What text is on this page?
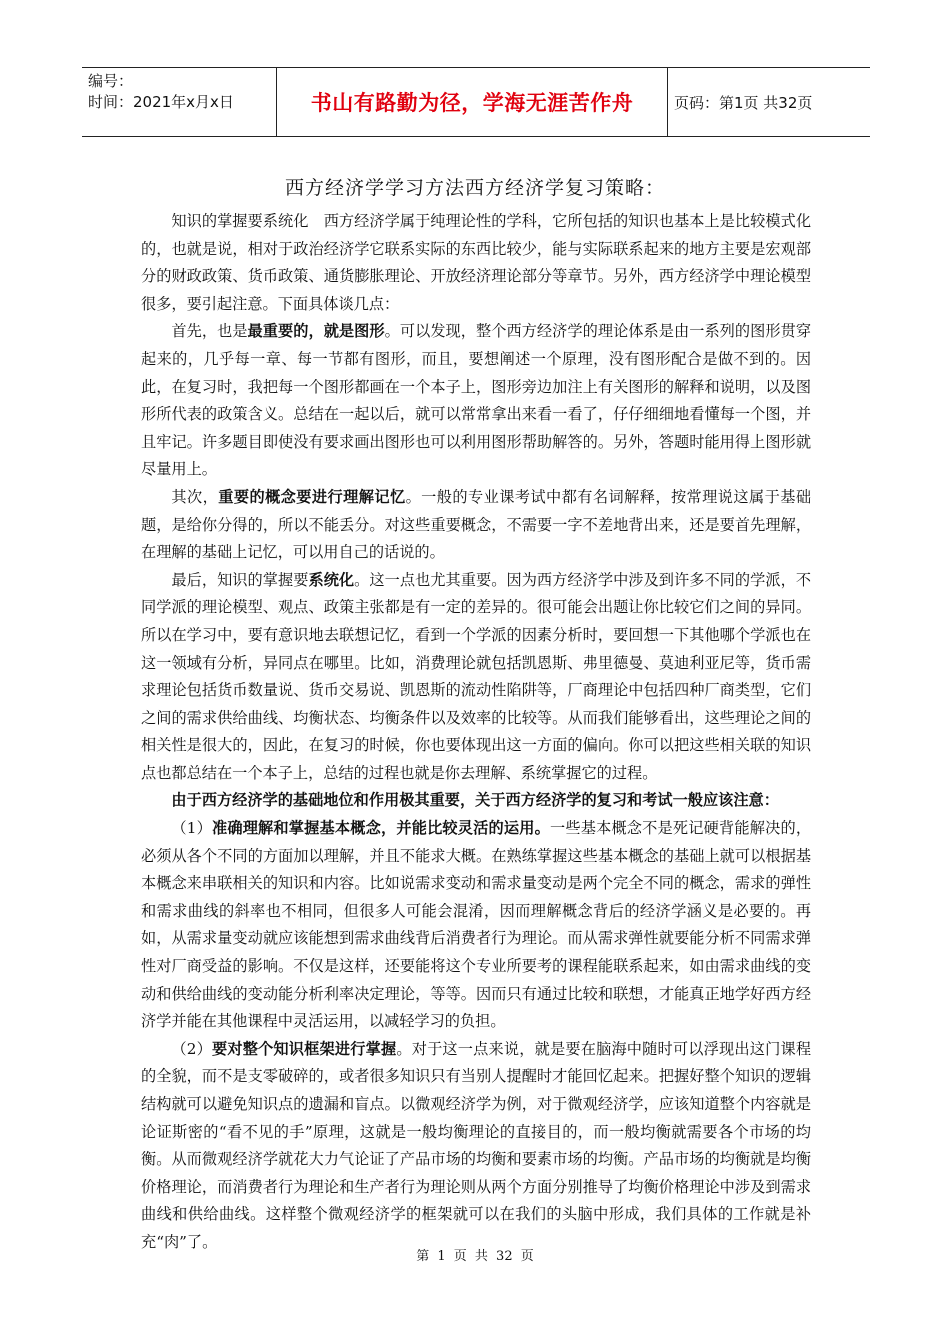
编号：
时间：2021年x月x日	书山有路勤为径，学海无涯苦作舟	页码：第1页 共32页
西方经济学学习方法西方经济学复习策略：

知识的掌握要系统化　西方经济学属于纯理论性的学科，它所包括的知识也基本上是比较模式化的，也就是说，相对于政治经济学它联系实际的东西比较少，能与实际联系起来的地方主要是宏观部分的财政政策、货币政策、通货膨胀理论、开放经济理论部分等章节。另外，西方经济学中理论模型很多，要引起注意。下面具体谈几点：

首先，也是最重要的，就是图形。可以发现，整个西方经济学的理论体系是由一系列的图形贯穿起来的，几乎每一章、每一节都有图形，而且，要想阐述一个原理，没有图形配合是做不到的。因此，在复习时，我把每一个图形都画在一个本子上，图形旁边加注上有关图形的解释和说明，以及图形所代表的政策含义。总结在一起以后，就可以常常拿出来看一看了，仔仔细细地看懂每一个图，并且牢记。许多题目即使没有要求画出图形也可以利用图形帮助解答的。另外，答题时能用得上图形就尽量用上。

其次，重要的概念要进行理解记忆。一般的专业课考试中都有名词解释，按常理说这属于基础题，是给你分得的，所以不能丢分。对这些重要概念，不需要一字不差地背出来，还是要首先理解，在理解的基础上记忆，可以用自己的话说的。

最后，知识的掌握要系统化。这一点也尤其重要。因为西方经济学中涉及到许多不同的学派，不同学派的理论模型、观点、政策主张都是有一定的差异的。很可能会出题让你比较它们之间的异同。所以在学习中，要有意识地去联想记忆，看到一个学派的因素分析时，要回想一下其他哪个学派也在这一领域有分析，异同点在哪里。比如，消费理论就包括凯恩斯、弗里德曼、莫迪利亚尼等，货币需求理论包括货币数量说、货币交易说、凯恩斯的流动性陷阱等，厂商理论中包括四种厂商类型，它们之间的需求供给曲线、均衡状态、均衡条件以及效率的比较等。从而我们能够看出，这些理论之间的相关性是很大的，因此，在复习的时候，你也要体现出这一方面的偏向。你可以把这些相关联的知识点也都总结在一个本子上，总结的过程也就是你去理解、系统掌握它的过程。

由于西方经济学的基础地位和作用极其重要，关于西方经济学的复习和考试一般应该注意：

（1）准确理解和掌握基本概念，并能比较灵活的运用。一些基本概念不是死记硬背能解决的，必须从各个不同的方面加以理解，并且不能求大概。在熟练掌握这些基本概念的基础上就可以根据基本概念来串联相关的知识和内容。比如说需求变动和需求量变动是两个完全不同的概念，需求的弹性和需求曲线的斜率也不相同，但很多人可能会混淆，因而理解概念背后的经济学涵义是必要的。再如，从需求量变动就应该能想到需求曲线背后消费者行为理论。而从需求弹性就要能分析不同需求弹性对厂商受益的影响。不仅是这样，还要能将这个专业所要考的课程能联系起来，如由需求曲线的变动和供给曲线的变动能分析利率决定理论，等等。因而只有通过比较和联想，才能真正地学好西方经济学并能在其他课程中灵活运用，以减轻学习的负担。

（2）要对整个知识框架进行掌握。对于这一点来说，就是要在脑海中随时可以浮现出这门课程的全貌，而不是支零破碎的，或者很多知识只有当别人提醒时才能回忆起来。把握好整个知识的逻辑结构就可以避免知识点的遗漏和盲点。以微观经济学为例，对于微观经济学，应该知道整个内容就是论证斯密的“看不见的手”原理，这就是一般均衡理论的直接目的，而一般均衡就需要各个市场的均衡。从而微观经济学就花大力气论证了产品市场的均衡和要素市场的均衡。产品市场的均衡就是均衡价格理论，而消费者行为理论和生产者行为理论则从两个方面分别推导了均衡价格理论中涉及到需求曲线和供给曲线。这样整个微观经济学的框架就可以在我们的头脑中形成，我们具体的工作就是补充“肉”了。

第 1 页 共 32 页
